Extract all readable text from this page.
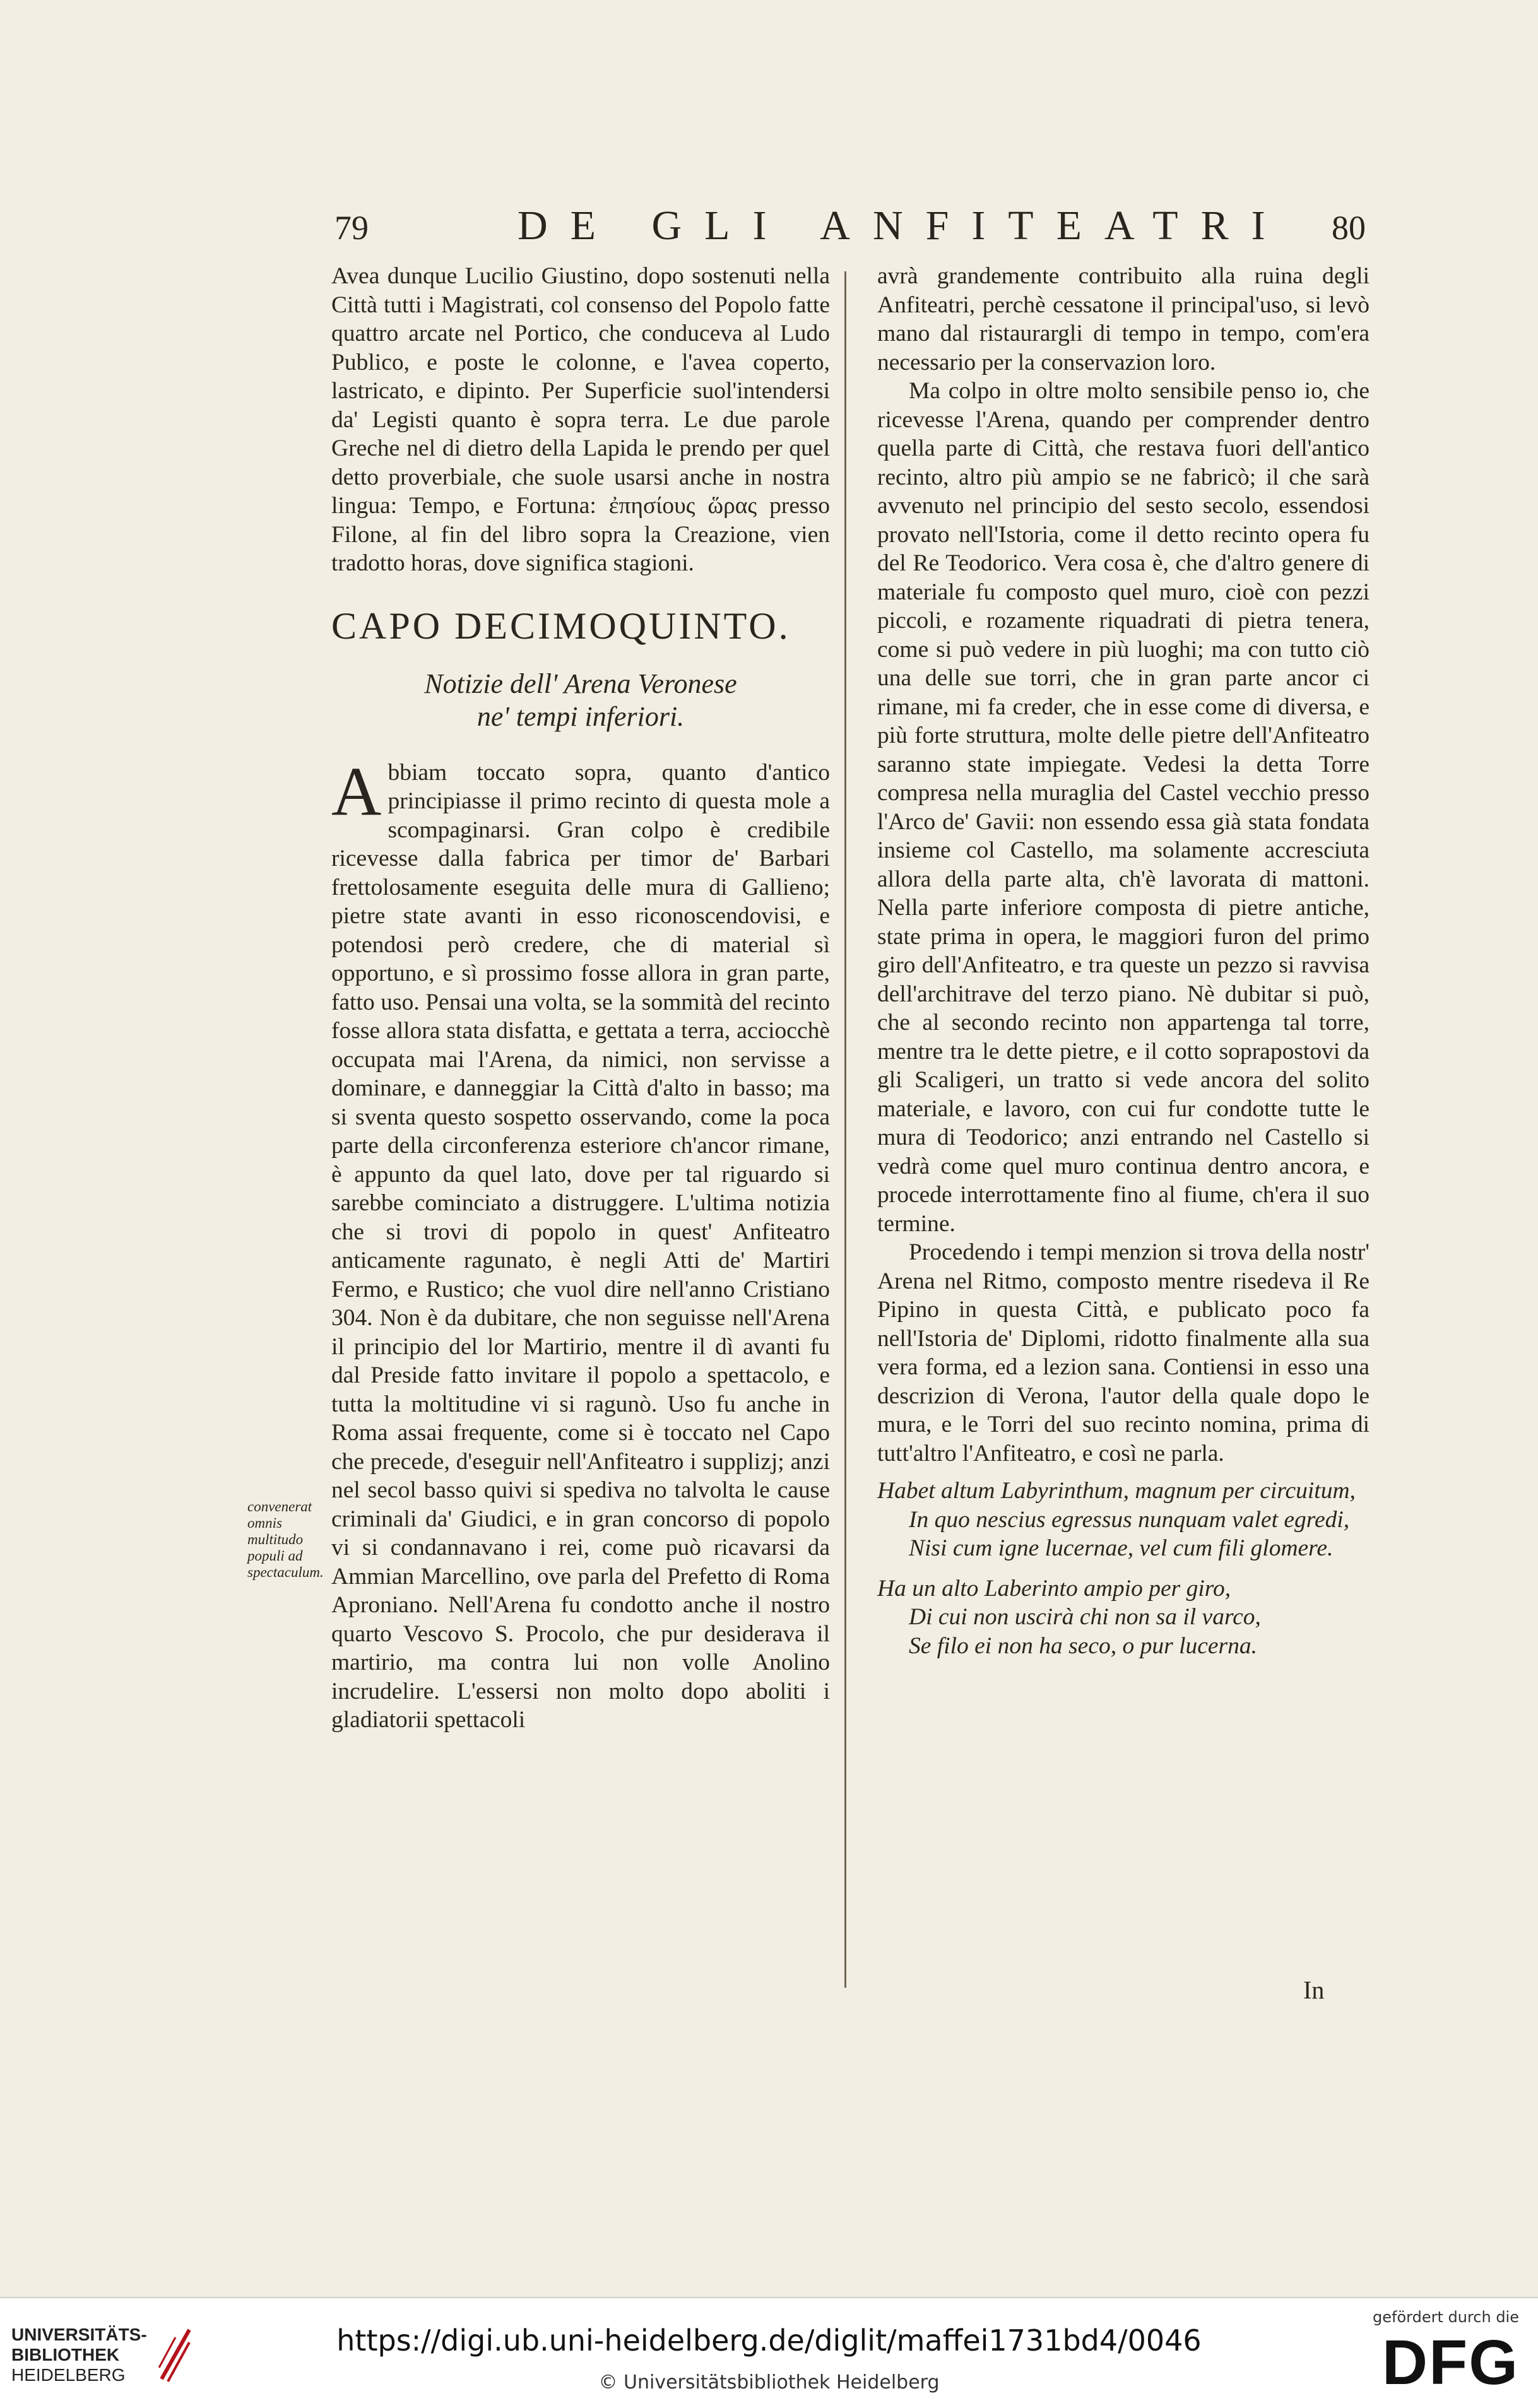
79	DE GLI ANFITEATRI 80

Avea dunque Lucilio Giustino, dopo sostenuti nella Città tutti i Magistrati, col consenso del Popolo fatte quattro arcate nel Portico, che conduceva al Ludo Publico, e poste le colonne, e l'avea coperto, lastricato, e dipinto. Per Superficie suol'intendersi da' Legisti quanto è sopra terra. Le due parole Greche nel di dietro della Lapida le prendo per quel detto proverbiale, che suole usarsi anche in nostra lingua: Tempo, e Fortuna: ἐπησίους ὥρας presso Filone, al fin del libro sopra la Creazione, vien tradotto horas, dove significa stagioni.

CAPO DECIMOQUINTO.
Notizie dell' Arena Veronese
ne' tempi inferiori.

Abbiam toccato sopra, quanto d'antico principiasse il primo recinto di questa mole a scompaginarsi. Gran colpo è credibile ricevesse dalla fabrica per timor de' Barbari frettolosamente eseguita delle mura di Gallieno; pietre state avanti in esso riconoscendovisi, e potendosi però credere, che di material sì opportuno, e sì prossimo fosse allora in gran parte, fatto uso. Pensai una volta, se la sommità del recinto fosse allora stata disfatta, e gettata a terra, acciocchè occupata mai l'Arena, da nimici, non servisse a dominare, e danneggiar la Città d'alto in basso; ma si sventa questo sospetto osservando, come la poca parte della circonferenza esteriore ch'ancor rimane, è appunto da quel lato, dove per tal riguardo si sarebbe cominciato a distruggere. L'ultima notizia che si trovi di popolo in quest' Anfiteatro anticamente ragunato, è negli Atti de' Martiri Fermo, e Rustico; che vuol dire nell'anno Cristiano 304. Non è da dubitare, che non seguisse nell'Arena il principio del lor Martirio, mentre il dì avanti fu dal Preside fatto invitare il popolo a spettacolo, e tutta la moltitudine vi si ragunò. Uso fu anche in Roma assai frequente, come si è toccato nel Capo che precede, d'eseguir nell'Anfiteatro i supplizj; anzi nel secol basso quivi si spediva no talvolta le cause criminali da' Giudici, e in gran concorso di popolo vi si condannavano i rei, come può ricavarsi da Ammian Marcellino, ove parla del Prefetto di Roma Aproniano. Nell'Arena fu condotto anche il nostro quarto Vescovo S. Procolo, che pur desiderava il martirio, ma contra lui non volle Anolino incrudelire. L'essersi non molto dopo aboliti i gladiatorii spettacoli

convenerat omnis multitudo populi ad spectaculum.

avrà grandemente contribuito alla ruina degli Anfiteatri, perchè cessatone il principal'uso, si levò mano dal ristaurargli di tempo in tempo, com'era necessario per la conservazion loro.

Ma colpo in oltre molto sensibile penso io, che ricevesse l'Arena, quando per comprender dentro quella parte di Città, che restava fuori dell'antico recinto, altro più ampio se ne fabricò; il che sarà avvenuto nel principio del sesto secolo, essendosi provato nell'Istoria, come il detto recinto opera fu del Re Teodorico. Vera cosa è, che d'altro genere di materiale fu composto quel muro, cioè con pezzi piccoli, e rozamente riquadrati di pietra tenera, come si può vedere in più luoghi; ma con tutto ciò una delle sue torri, che in gran parte ancor ci rimane, mi fa creder, che in esse come di diversa, e più forte struttura, molte delle pietre dell'Anfiteatro saranno state impiegate. Vedesi la detta Torre compresa nella muraglia del Castel vecchio presso l'Arco de' Gavii: non essendo essa già stata fondata insieme col Castello, ma solamente accresciuta allora della parte alta, ch'è lavorata di mattoni. Nella parte inferiore composta di pietre antiche, state prima in opera, le maggiori furon del primo giro dell'Anfiteatro, e tra queste un pezzo si ravvisa dell'architrave del terzo piano. Nè dubitar si può, che al secondo recinto non appartenga tal torre, mentre tra le dette pietre, e il cotto soprapostovi da gli Scaligeri, un tratto si vede ancora del solito materiale, e lavoro, con cui fur condotte tutte le mura di Teodorico; anzi entrando nel Castello si vedrà come quel muro continua dentro ancora, e procede interrottamente fino al fiume, ch'era il suo termine.

Procedendo i tempi menzion si trova della nostr' Arena nel Ritmo, composto mentre risedeva il Re Pipino in questa Città, e publicato poco fa nell'Istoria de' Diplomi, ridotto finalmente alla sua vera forma, ed a lezion sana. Contiensi in esso una descrizion di Verona, l'autor della quale dopo le mura, e le Torri del suo recinto nomina, prima di tutt'altro l'Anfiteatro, e così ne parla.

Habet altum Labyrinthum, magnum per circuitum,
In quo nescius egressus nunquam valet egredi,
Nisi cum igne lucernae, vel cum fili glomere.
Ha un alto Laberinto ampio per giro,
Di cui non uscirà chi non sa il varco,
Se filo ei non ha seco, o pur lucerna.
In
UNIVERSITÄTS-
BIBLIOTHEK
HEIDELBERG
https://digi.ub.uni-heidelberg.de/diglit/maffei1731bd4/0046
© Universitätsbibliothek Heidelberg
gefördert durch die
DFG
